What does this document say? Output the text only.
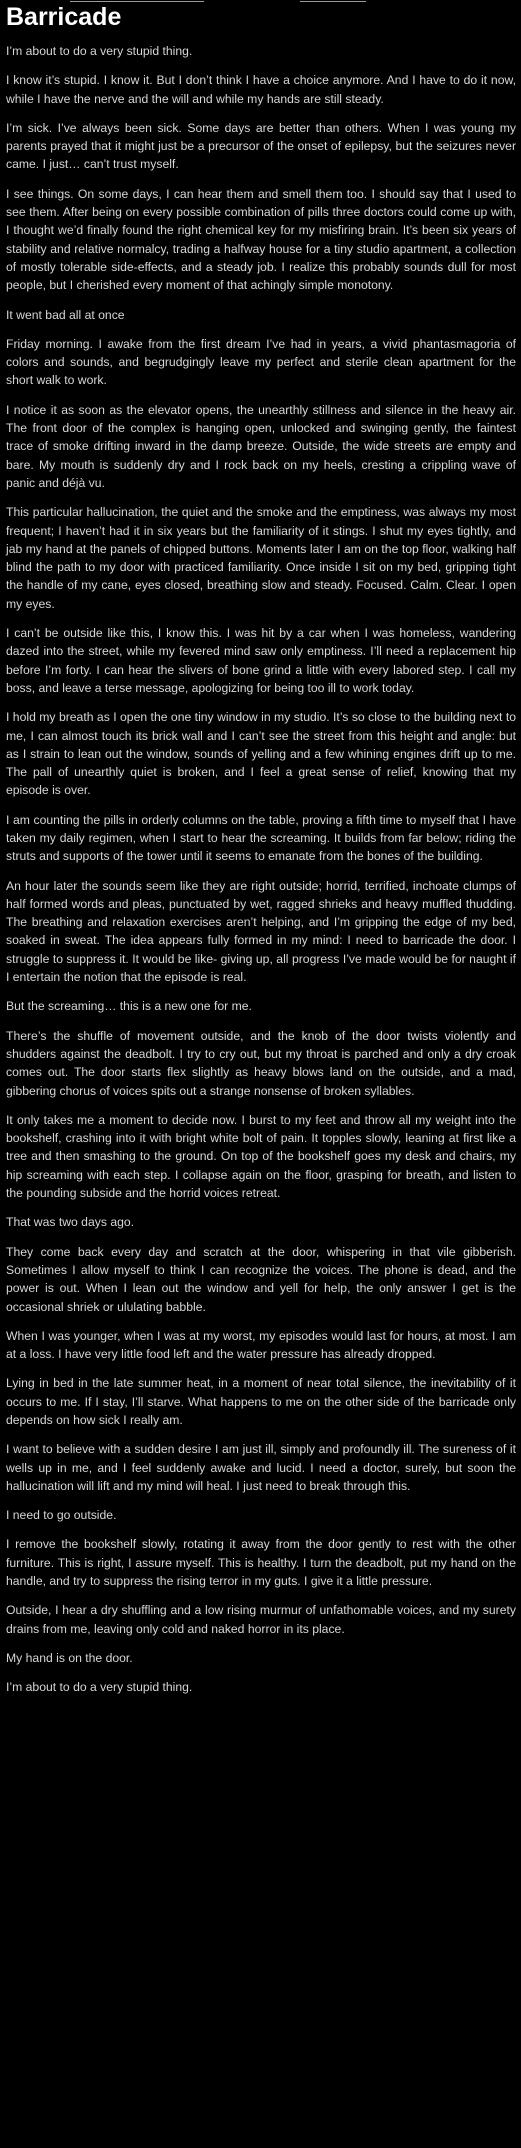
Barricade

I’m about to do a very stupid thing.

I know it’s stupid. I know it. But I don’t think I have a choice anymore. And I have to do it now, while I have the nerve and the will and while my hands are still steady.

I’m sick. I’ve always been sick. Some days are better than others. When I was young my parents prayed that it might just be a precursor of the onset of epilepsy, but the seizures never came. I just… can’t trust myself.

I see things. On some days, I can hear them and smell them too. I should say that I used to see them. After being on every possible combination of pills three doctors could come up with, I thought we’d finally found the right chemical key for my misfiring brain. It’s been six years of stability and relative normalcy, trading a halfway house for a tiny studio apartment, a collection of mostly tolerable side-effects, and a steady job. I realize this probably sounds dull for most people, but I cherished every moment of that achingly simple monotony.

It went bad all at once

Friday morning. I awake from the first dream I’ve had in years, a vivid phantasmagoria of colors and sounds, and begrudgingly leave my perfect and sterile clean apartment for the short walk to work.

I notice it as soon as the elevator opens, the unearthly stillness and silence in the heavy air. The front door of the complex is hanging open, unlocked and swinging gently, the faintest trace of smoke drifting inward in the damp breeze. Outside, the wide streets are empty and bare. My mouth is suddenly dry and I rock back on my heels, cresting a crippling wave of panic and déjà vu.

This particular hallucination, the quiet and the smoke and the emptiness, was always my most frequent; I haven’t had it in six years but the familiarity of it stings. I shut my eyes tightly, and jab my hand at the panels of chipped buttons. Moments later I am on the top floor, walking half blind the path to my door with practiced familiarity. Once inside I sit on my bed, gripping tight the handle of my cane, eyes closed, breathing slow and steady. Focused. Calm. Clear. I open my eyes.

I can’t be outside like this, I know this. I was hit by a car when I was homeless, wandering dazed into the street, while my fevered mind saw only emptiness. I’ll need a replacement hip before I’m forty. I can hear the slivers of bone grind a little with every labored step. I call my boss, and leave a terse message, apologizing for being too ill to work today.

I hold my breath as I open the one tiny window in my studio. It’s so close to the building next to me, I can almost touch its brick wall and I can’t see the street from this height and angle: but as I strain to lean out the window, sounds of yelling and a few whining engines drift up to me. The pall of unearthly quiet is broken, and I feel a great sense of relief, knowing that my episode is over.

I am counting the pills in orderly columns on the table, proving a fifth time to myself that I have taken my daily regimen, when I start to hear the screaming. It builds from far below; riding the struts and supports of the tower until it seems to emanate from the bones of the building.

An hour later the sounds seem like they are right outside; horrid, terrified, inchoate clumps of half formed words and pleas, punctuated by wet, ragged shrieks and heavy muffled thudding. The breathing and relaxation exercises aren’t helping, and I’m gripping the edge of my bed, soaked in sweat. The idea appears fully formed in my mind: I need to barricade the door. I struggle to suppress it. It would be like- giving up, all progress I’ve made would be for naught if I entertain the notion that the episode is real.

But the screaming… this is a new one for me.

There’s the shuffle of movement outside, and the knob of the door twists violently and shudders against the deadbolt. I try to cry out, but my throat is parched and only a dry croak comes out. The door starts flex slightly as heavy blows land on the outside, and a mad, gibbering chorus of voices spits out a strange nonsense of broken syllables.

It only takes me a moment to decide now. I burst to my feet and throw all my weight into the bookshelf, crashing into it with bright white bolt of pain. It topples slowly, leaning at first like a tree and then smashing to the ground. On top of the bookshelf goes my desk and chairs, my hip screaming with each step. I collapse again on the floor, grasping for breath, and listen to the pounding subside and the horrid voices retreat.

That was two days ago.

They come back every day and scratch at the door, whispering in that vile gibberish. Sometimes I allow myself to think I can recognize the voices. The phone is dead, and the power is out. When I lean out the window and yell for help, the only answer I get is the occasional shriek or ululating babble.

When I was younger, when I was at my worst, my episodes would last for hours, at most. I am at a loss. I have very little food left and the water pressure has already dropped.

Lying in bed in the late summer heat, in a moment of near total silence, the inevitability of it occurs to me. If I stay, I’ll starve. What happens to me on the other side of the barricade only depends on how sick I really am.

I want to believe with a sudden desire I am just ill, simply and profoundly ill. The sureness of it wells up in me, and I feel suddenly awake and lucid. I need a doctor, surely, but soon the hallucination will lift and my mind will heal. I just need to break through this.

I need to go outside.

I remove the bookshelf slowly, rotating it away from the door gently to rest with the other furniture. This is right, I assure myself. This is healthy. I turn the deadbolt, put my hand on the handle, and try to suppress the rising terror in my guts. I give it a little pressure.

Outside, I hear a dry shuffling and a low rising murmur of unfathomable voices, and my surety drains from me, leaving only cold and naked horror in its place.

My hand is on the door.

I’m about to do a very stupid thing.
